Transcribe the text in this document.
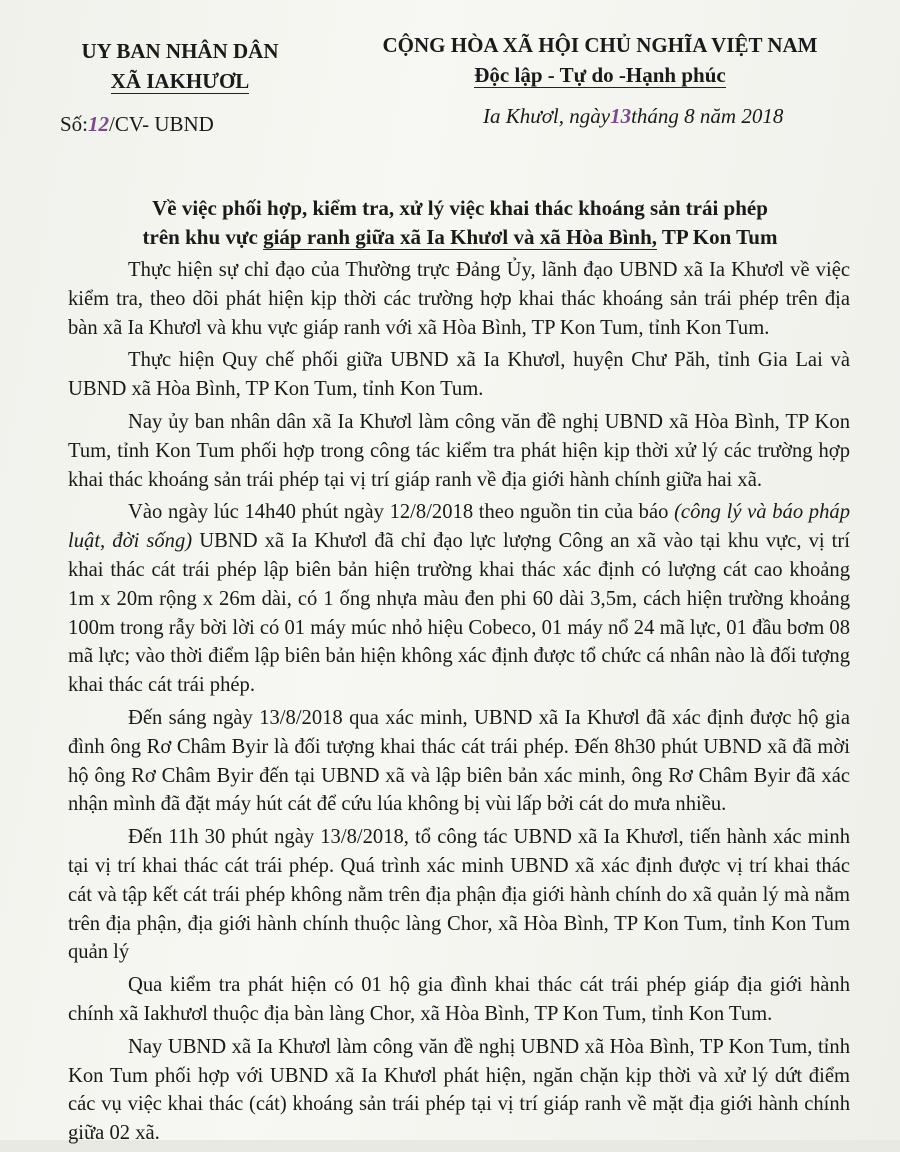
UY BAN NHÂN DÂN
XÃ IAKHƯƠL
CỘNG HÒA XÃ HỘI CHỦ NGHĨA VIỆT NAM
Độc lập - Tự do -Hạnh phúc
Số:12/CV- UBND	Ia Khươl, ngày13tháng 8 năm 2018
Về việc phối hợp, kiểm tra, xử lý việc khai thác khoáng sản trái phép
trên khu vực giáp ranh giữa xã Ia Khươl và xã Hòa Bình, TP Kon Tum

Thực hiện sự chỉ đạo của Thường trực Đảng Ủy, lãnh đạo UBND xã Ia Khươl về việc kiểm tra, theo dõi phát hiện kịp thời các trường hợp khai thác khoáng sản trái phép trên địa bàn xã Ia Khươl và khu vực giáp ranh với xã Hòa Bình, TP Kon Tum, tỉnh Kon Tum.

Thực hiện Quy chế phối giữa UBND xã Ia Khươl, huyện Chư Păh, tỉnh Gia Lai và UBND xã Hòa Bình, TP Kon Tum, tỉnh Kon Tum.

Nay ủy ban nhân dân xã Ia Khươl làm công văn đề nghị UBND xã Hòa Bình, TP Kon Tum, tỉnh Kon Tum phối hợp trong công tác kiểm tra phát hiện kịp thời xử lý các trường hợp khai thác khoáng sản trái phép tại vị trí giáp ranh về địa giới hành chính giữa hai xã.

Vào ngày lúc 14h40 phút ngày 12/8/2018 theo nguồn tin của báo (công lý và báo pháp luật, đời sống) UBND xã Ia Khươl đã chỉ đạo lực lượng Công an xã vào tại khu vực, vị trí khai thác cát trái phép lập biên bản hiện trường khai thác xác định có lượng cát cao khoảng 1m x 20m rộng x 26m dài, có 1 ống nhựa màu đen phi 60 dài 3,5m, cách hiện trường khoảng 100m trong rẫy bời lời có 01 máy múc nhỏ hiệu Cobeco, 01 máy nổ 24 mã lực, 01 đầu bơm 08 mã lực; vào thời điểm lập biên bản hiện không xác định được tổ chức cá nhân nào là đối tượng khai thác cát trái phép.

Đến sáng ngày 13/8/2018 qua xác minh, UBND xã Ia Khươl đã xác định được hộ gia đình ông Rơ Châm Byir là đối tượng khai thác cát trái phép. Đến 8h30 phút UBND xã đã mời hộ ông Rơ Châm Byir đến tại UBND xã và lập biên bản xác minh, ông Rơ Châm Byir đã xác nhận mình đã đặt máy hút cát để cứu lúa không bị vùi lấp bởi cát do mưa nhiều.

Đến 11h 30 phút ngày 13/8/2018, tổ công tác UBND xã Ia Khươl, tiến hành xác minh tại vị trí khai thác cát trái phép. Quá trình xác minh UBND xã xác định được vị trí khai thác cát và tập kết cát trái phép không nằm trên địa phận địa giới hành chính do xã quản lý mà nằm trên địa phận, địa giới hành chính thuộc làng Chor, xã Hòa Bình, TP Kon Tum, tỉnh Kon Tum quản lý

Qua kiểm tra phát hiện có 01 hộ gia đình khai thác cát trái phép giáp địa giới hành chính xã Iakhươl thuộc địa bàn làng Chor, xã Hòa Bình, TP Kon Tum, tỉnh Kon Tum.

Nay UBND xã Ia Khươl làm công văn đề nghị UBND xã Hòa Bình, TP Kon Tum, tỉnh Kon Tum phối hợp với UBND xã Ia Khươl phát hiện, ngăn chặn kịp thời và xử lý dứt điểm các vụ việc khai thác (cát) khoáng sản trái phép tại vị trí giáp ranh về mặt địa giới hành chính giữa 02 xã.
